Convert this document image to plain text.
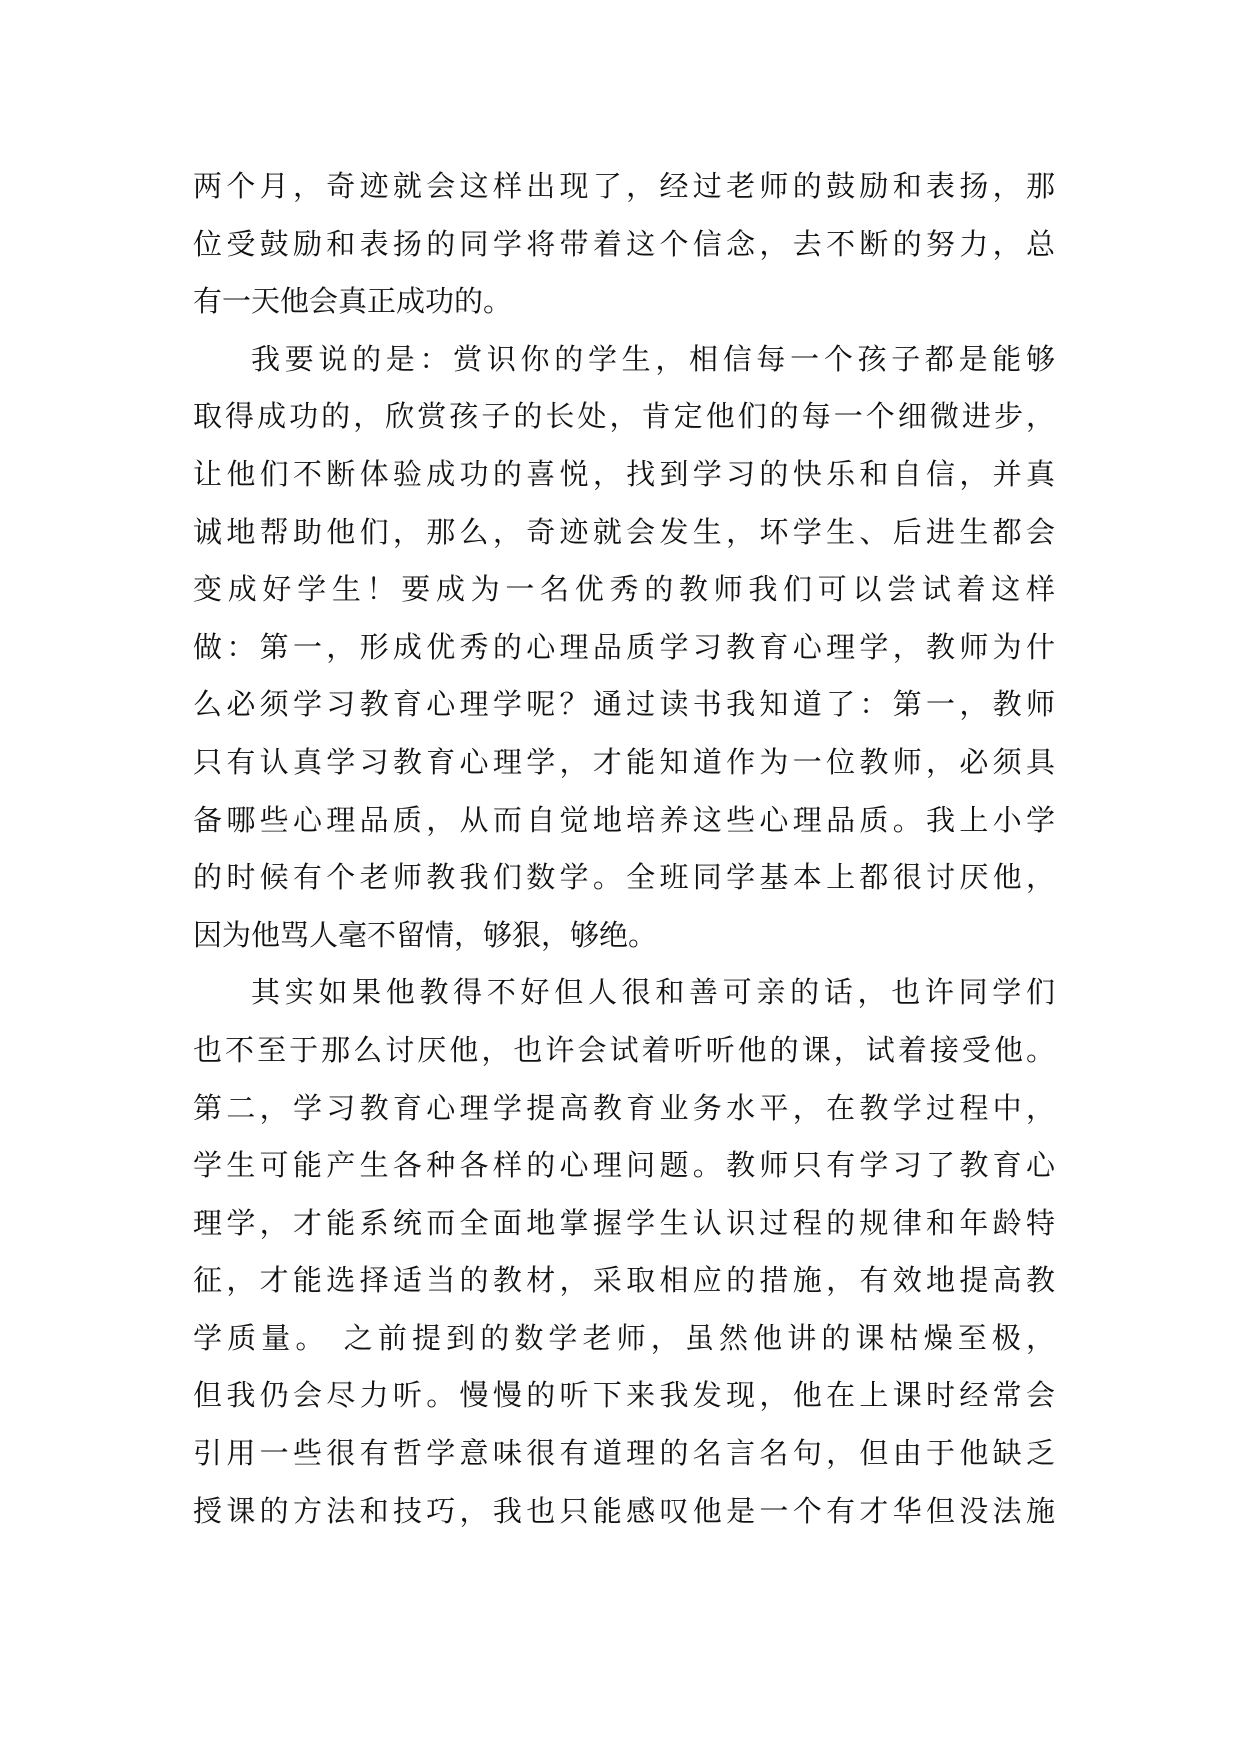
两个月，奇迹就会这样出现了，经过老师的鼓励和表扬，那
位受鼓励和表扬的同学将带着这个信念，去不断的努力，总
有一天他会真正成功的。
我要说的是：赏识你的学生，相信每一个孩子都是能够
取得成功的，欣赏孩子的长处，肯定他们的每一个细微进步，
让他们不断体验成功的喜悦，找到学习的快乐和自信，并真
诚地帮助他们，那么，奇迹就会发生，坏学生、后进生都会
变成好学生！要成为一名优秀的教师我们可以尝试着这样
做：第一，形成优秀的心理品质学习教育心理学，教师为什
么必须学习教育心理学呢？通过读书我知道了：第一，教师
只有认真学习教育心理学，才能知道作为一位教师，必须具
备哪些心理品质，从而自觉地培养这些心理品质。我上小学
的时候有个老师教我们数学。全班同学基本上都很讨厌他，
因为他骂人毫不留情，够狠，够绝。
其实如果他教得不好但人很和善可亲的话，也许同学们
也不至于那么讨厌他，也许会试着听听他的课，试着接受他。
第二，学习教育心理学提高教育业务水平，在教学过程中，
学生可能产生各种各样的心理问题。教师只有学习了教育心
理学，才能系统而全面地掌握学生认识过程的规律和年龄特
征，才能选择适当的教材，采取相应的措施，有效地提高教
学质量。 之前提到的数学老师，虽然他讲的课枯燥至极，
但我仍会尽力听。慢慢的听下来我发现，他在上课时经常会
引用一些很有哲学意味很有道理的名言名句，但由于他缺乏
授课的方法和技巧，我也只能感叹他是一个有才华但没法施
